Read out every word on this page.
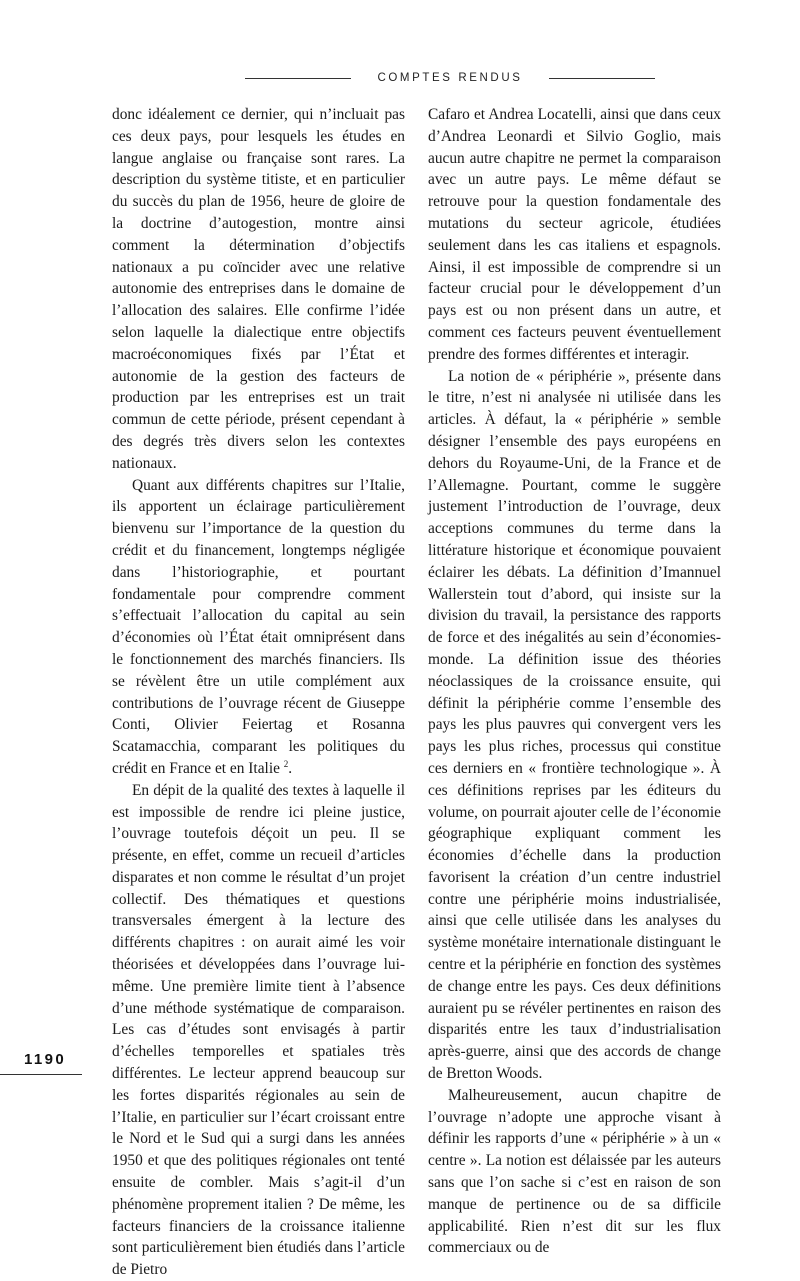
COMPTES RENDUS

donc idéalement ce dernier, qui n’incluait pas ces deux pays, pour lesquels les études en langue anglaise ou française sont rares. La description du système titiste, et en particulier du succès du plan de 1956, heure de gloire de la doctrine d’autogestion, montre ainsi comment la détermination d’objectifs nationaux a pu coïncider avec une relative autonomie des entreprises dans le domaine de l’allocation des salaires. Elle confirme l’idée selon laquelle la dialectique entre objectifs macroéconomiques fixés par l’État et autonomie de la gestion des facteurs de production par les entreprises est un trait commun de cette période, présent cependant à des degrés très divers selon les contextes nationaux.

Quant aux différents chapitres sur l’Italie, ils apportent un éclairage particulièrement bienvenu sur l’importance de la question du crédit et du financement, longtemps négligée dans l’historiographie, et pourtant fondamentale pour comprendre comment s’effectuait l’allocation du capital au sein d’économies où l’État était omniprésent dans le fonctionnement des marchés financiers. Ils se révèlent être un utile complément aux contributions de l’ouvrage récent de Giuseppe Conti, Olivier Feiertag et Rosanna Scatamacchia, comparant les politiques du crédit en France et en Italie $^2$.

En dépit de la qualité des textes à laquelle il est impossible de rendre ici pleine justice, l’ouvrage toutefois déçoit un peu. Il se présente, en effet, comme un recueil d’articles disparates et non comme le résultat d’un projet collectif. Des thématiques et questions transversales émergent à la lecture des différents chapitres : on aurait aimé les voir théorisées et développées dans l’ouvrage lui-même. Une première limite tient à l’absence d’une méthode systématique de comparaison. Les cas d’études sont envisagés à partir d’échelles temporelles et spatiales très différentes. Le lecteur apprend beaucoup sur les fortes disparités régionales au sein de l’Italie, en particulier sur l’écart croissant entre le Nord et le Sud qui a surgi dans les années 1950 et que des politiques régionales ont tenté ensuite de combler. Mais s’agit-il d’un phénomène proprement italien ? De même, les facteurs financiers de la croissance italienne sont particulièrement bien étudiés dans l’article de Pietro

Cafaro et Andrea Locatelli, ainsi que dans ceux d’Andrea Leonardi et Silvio Goglio, mais aucun autre chapitre ne permet la comparaison avec un autre pays. Le même défaut se retrouve pour la question fondamentale des mutations du secteur agricole, étudiées seulement dans les cas italiens et espagnols. Ainsi, il est impossible de comprendre si un facteur crucial pour le développement d’un pays est ou non présent dans un autre, et comment ces facteurs peuvent éventuellement prendre des formes différentes et interagir.

La notion de « périphérie », présente dans le titre, n’est ni analysée ni utilisée dans les articles. À défaut, la « périphérie » semble désigner l’ensemble des pays européens en dehors du Royaume-Uni, de la France et de l’Allemagne. Pourtant, comme le suggère justement l’introduction de l’ouvrage, deux acceptions communes du terme dans la littérature historique et économique pouvaient éclairer les débats. La définition d’Imannuel Wallerstein tout d’abord, qui insiste sur la division du travail, la persistance des rapports de force et des inégalités au sein d’économies-monde. La définition issue des théories néoclassiques de la croissance ensuite, qui définit la périphérie comme l’ensemble des pays les plus pauvres qui convergent vers les pays les plus riches, processus qui constitue ces derniers en « frontière technologique ». À ces définitions reprises par les éditeurs du volume, on pourrait ajouter celle de l’économie géographique expliquant comment les économies d’échelle dans la production favorisent la création d’un centre industriel contre une périphérie moins industrialisée, ainsi que celle utilisée dans les analyses du système monétaire internationale distinguant le centre et la périphérie en fonction des systèmes de change entre les pays. Ces deux définitions auraient pu se révéler pertinentes en raison des disparités entre les taux d’industrialisation après-guerre, ainsi que des accords de change de Bretton Woods.

Malheureusement, aucun chapitre de l’ouvrage n’adopte une approche visant à définir les rapports d’une « périphérie » à un « centre ». La notion est délaissée par les auteurs sans que l’on sache si c’est en raison de son manque de pertinence ou de sa difficile applicabilité. Rien n’est dit sur les flux commerciaux ou de

1190
